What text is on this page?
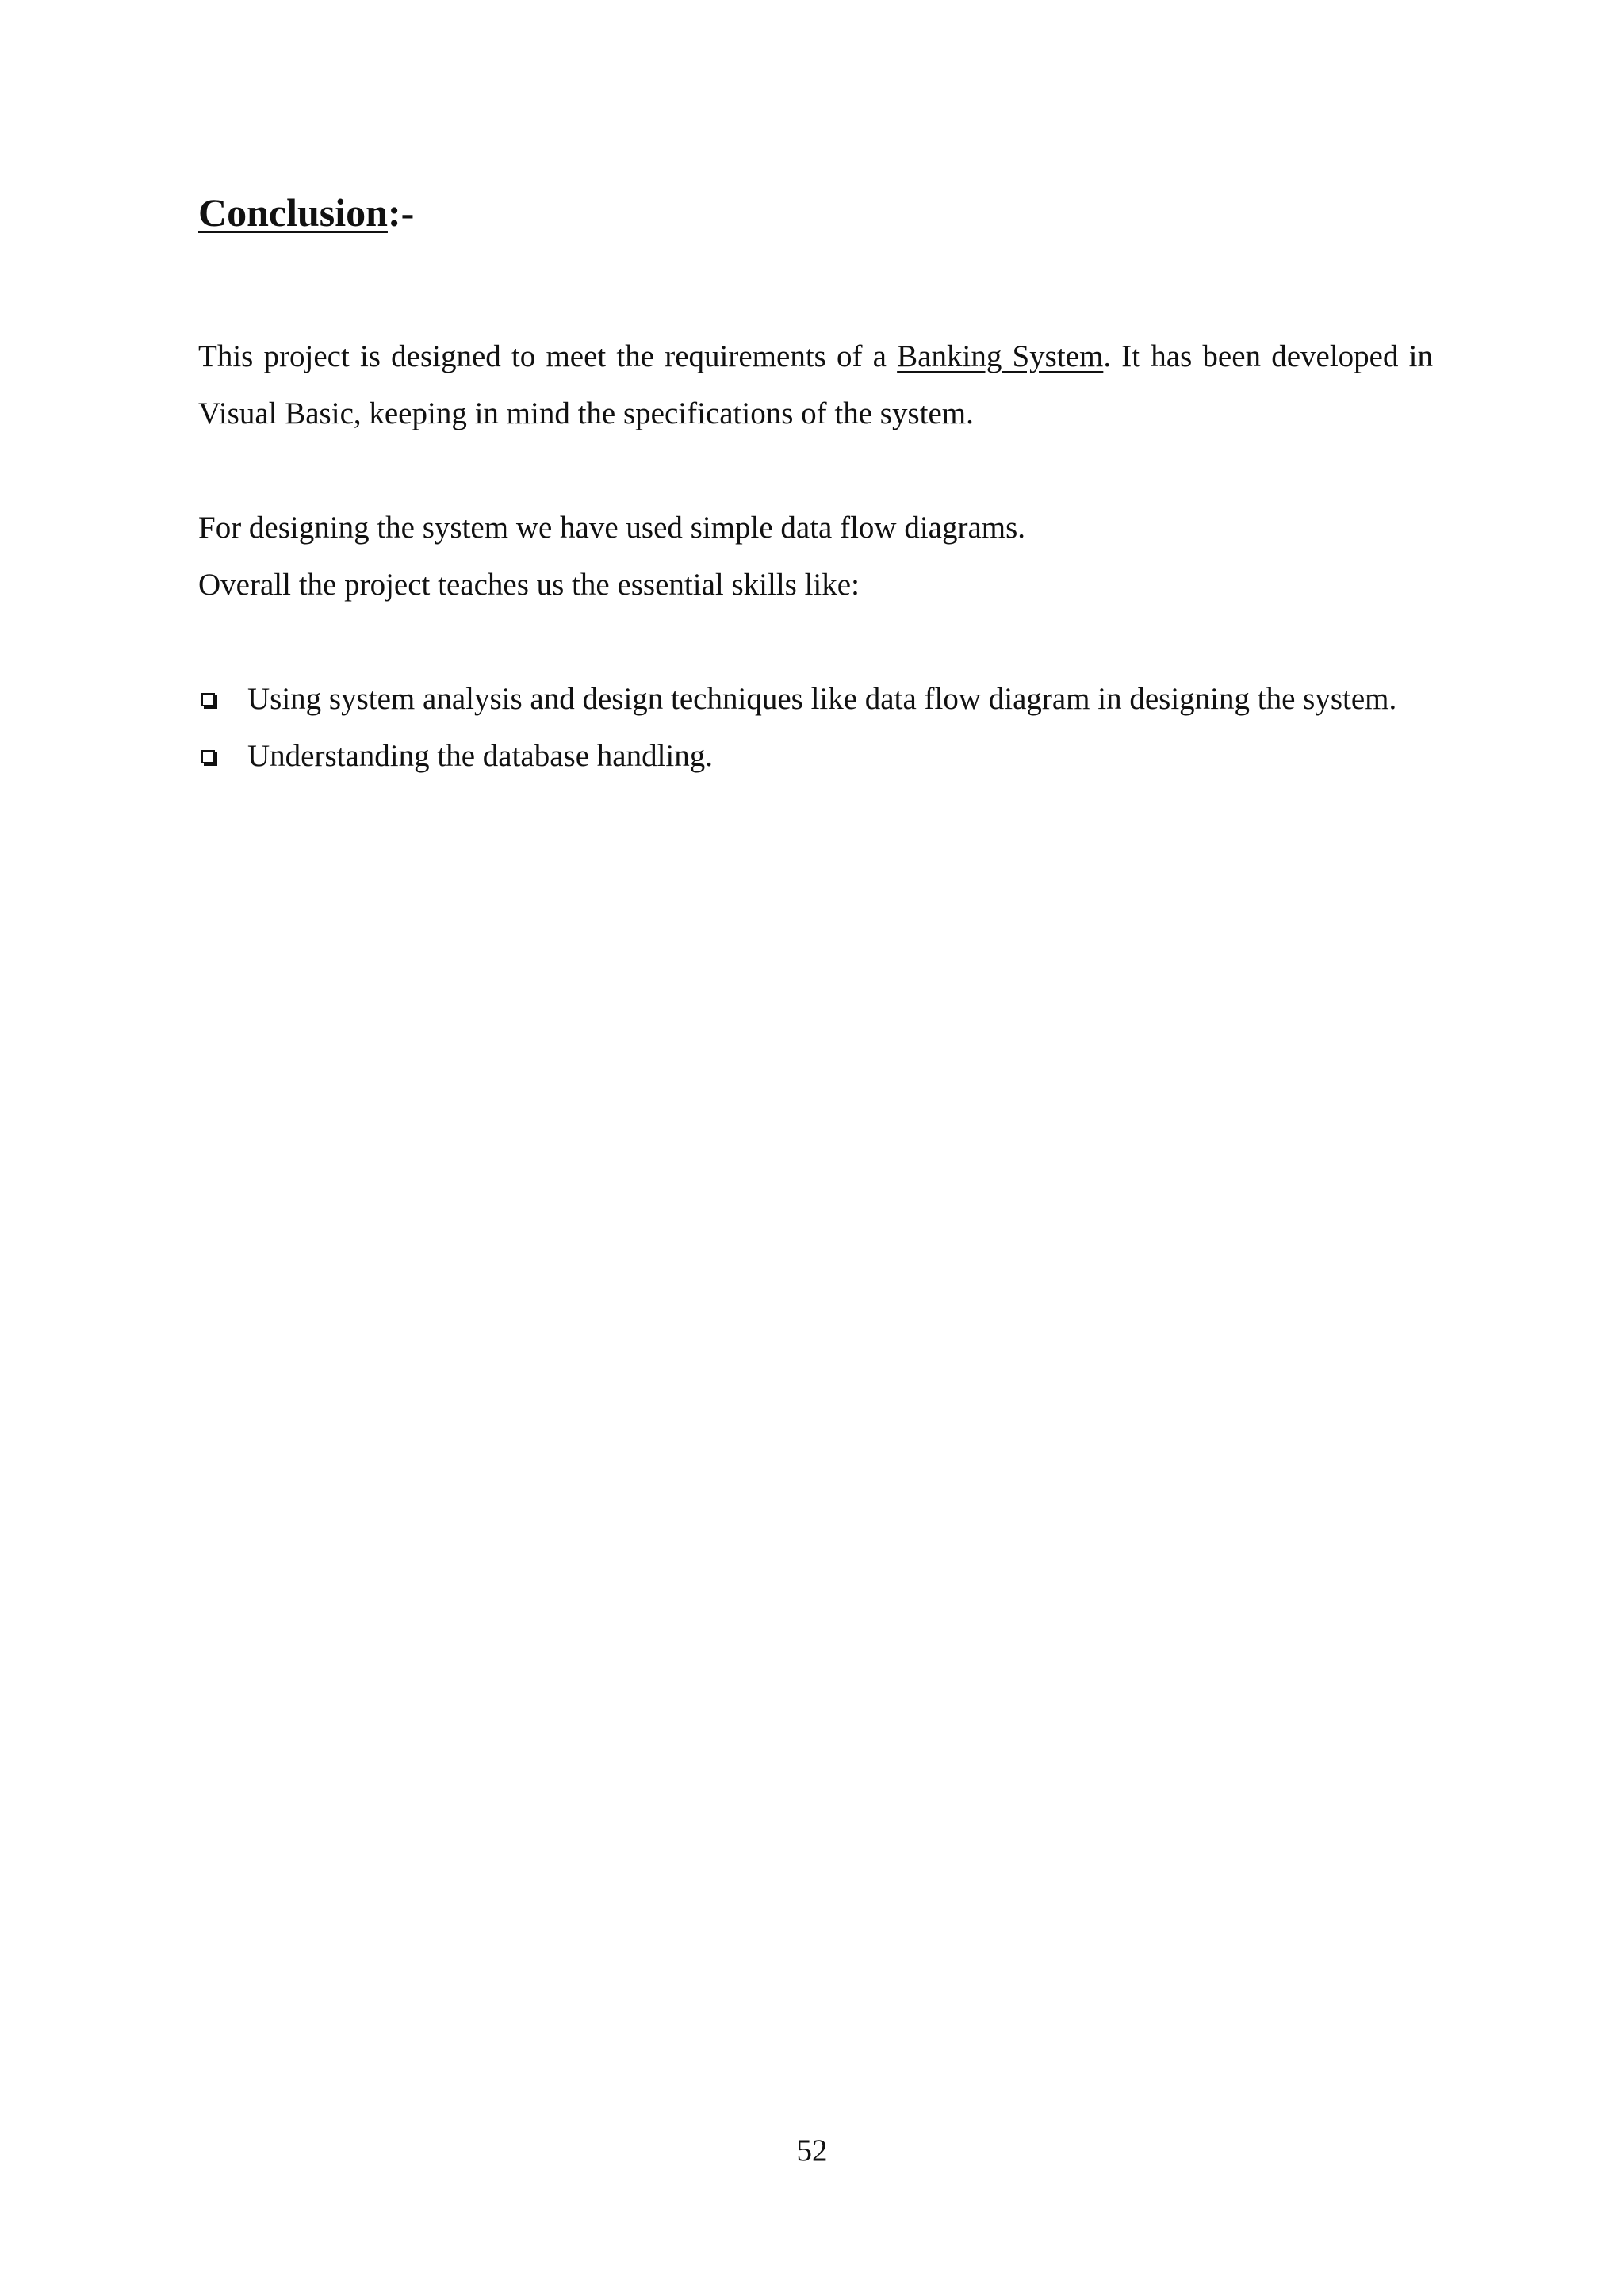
Conclusion:-

This project is designed to meet the requirements of a Banking System. It has been developed in Visual Basic, keeping in mind the specifications of the system.

For designing the system we have used simple data flow diagrams.
Overall the project teaches us the essential skills like:

Using system analysis and design techniques like data flow diagram in designing the system.
Understanding the database handling.
52
